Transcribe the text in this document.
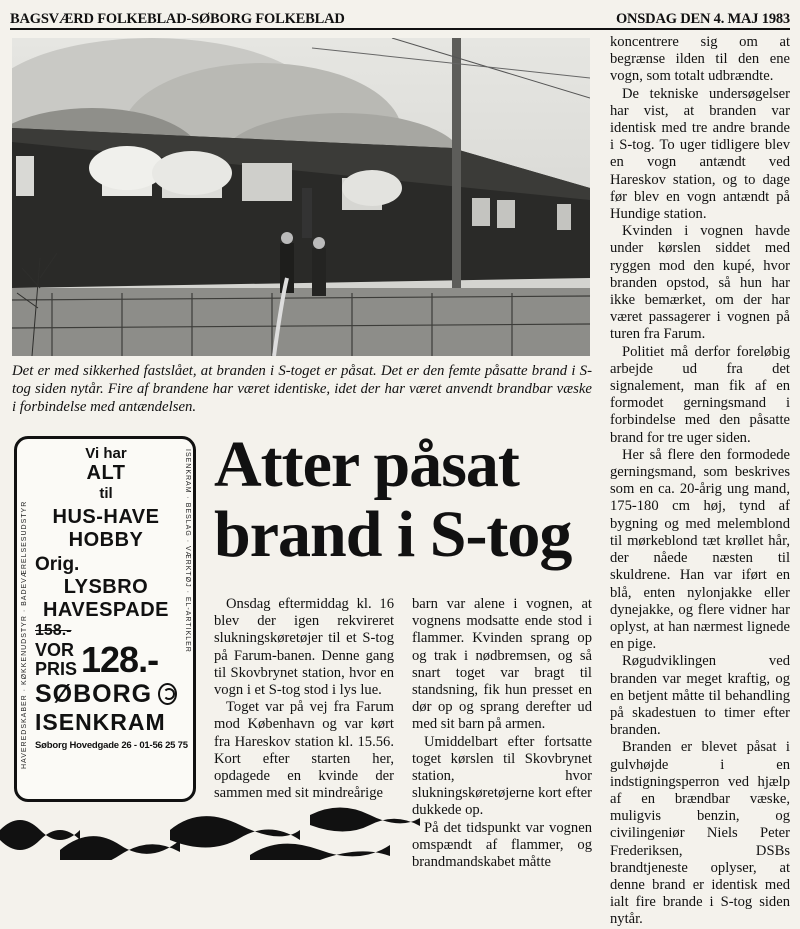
BAGSVÆRD FOLKEBLAD-SØBORG FOLKEBLAD	ONSDAG DEN 4. MAJ 1983
Det er med sikkerhed fastslået, at branden i S-toget er påsat. Det er den femte påsatte brand i S-tog siden nytår. Fire af brandene har været identiske, idet der har været anvendt brandbar væske i forbindelse med antændelsen.
HAVEREDSKABER · KØKKENUDSTYR · BADEVÆRELSESUDSTYR	ISENKRAM · BESLAG · VÆRKTØJ · EL-ARTIKLER
Vi har
ALT
til
HUS-HAVE
HOBBY
Orig.
LYSBRO
HAVESPADE
158.-
VOR
PRIS 128.-
SØBORG
ISENKRAM
Søborg Hovedgade 26 - 01-56 25 75
Atter påsat
brand i S-tog

Onsdag eftermiddag kl. 16 blev der igen rekvireret slukningskøretøjer til et S-tog på Farum-banen. Denne gang til Skovbrynet station, hvor en vogn i et S-tog stod i lys lue.

Toget var på vej fra Farum mod København og var kørt fra Hareskov station kl. 15.56. Kort efter starten her, opdagede en kvinde der sammen med sit mindreårige

barn var alene i vognen, at vognens modsatte ende stod i flammer. Kvinden sprang op og trak i nødbremsen, og så snart toget var bragt til standsning, fik hun presset en dør op og sprang derefter ud med sit barn på armen.

Umiddelbart efter fortsatte toget kørslen til Skovbrynet station, hvor slukningskøretøjerne kort efter dukkede op.

På det tidspunkt var vognen omspændt af flammer, og brandmandskabet måtte

koncentrere sig om at begrænse ilden til den ene vogn, som totalt udbrændte.

De tekniske undersøgelser har vist, at branden var identisk med tre andre brande i S-tog. To uger tidligere blev en vogn antændt ved Hareskov station, og to dage før blev en vogn antændt på Hundige station.

Kvinden i vognen havde under kørslen siddet med ryggen mod den kupé, hvor branden opstod, så hun har ikke bemærket, om der har været passagerer i vognen på turen fra Farum.

Politiet må derfor foreløbig arbejde ud fra det signalement, man fik af en formodet gerningsmand i forbindelse med den påsatte brand for tre uger siden.

Her så flere den formodede gerningsmand, som beskrives som en ca. 20-årig ung mand, 175-180 cm høj, tynd af bygning og med melemblond til mørkeblond tæt krøllet hår, der nåede næsten til skuldrene. Han var iført en blå, enten nylonjakke eller dynejakke, og flere vidner har oplyst, at han nærmest lignede en pige.

Røgudviklingen ved branden var meget kraftig, og en betjent måtte til behandling på skadestuen to timer efter branden.

Branden er blevet påsat i gulvhøjde i en indstigningsperron ved hjælp af en brændbar væske, muligvis benzin, og civilingeniør Niels Peter Frederiksen, DSBs brandtjeneste oplyser, at denne brand er identisk med ialt fire brande i S-tog siden nytår.
